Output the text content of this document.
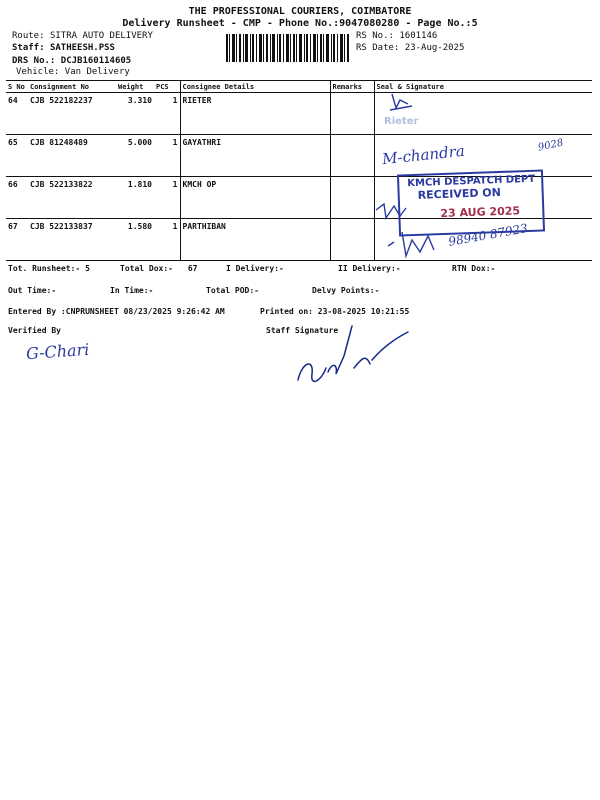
THE PROFESSIONAL COURIERS, COIMBATORE
Delivery Runsheet - CMP - Phone No.:9047080280 - Page No.:5
Route: SITRA AUTO DELIVERY
Staff: SATHEESH.PSS
DRS No.: DCJB160114605
Vehicle: Van Delivery
RS No.: 1601146
RS Date: 23-Aug-2025
S No	Consignment No	Weight	PCS	Consignee Details	Remarks	Seal & Signature
64	CJB 522182237	3.310	1	RIETER		
65	CJB 81248489	5.000	1	GAYATHRI		
66	CJB 522133822	1.810	1	KMCH OP		
67	CJB 522133837	1.580	1	PARTHIBAN		
Rieter
M-chandra	9028
KMCH DESPATCH DEPT
RECEIVED ON
23 AUG 2025
98940 87923
Tot. Runsheet:- 5	Total Dox:- 67	I Delivery:-	II Delivery:-	RTN Dox:-
Out Time:-	In Time:-	Total POD:-	Delvy Points:-
Entered By :CNPRUNSHEET 08/23/2025 9:26:42 AM	Printed on: 23-08-2025 10:21:55
Verified By	Staff Signature
G-Chari
